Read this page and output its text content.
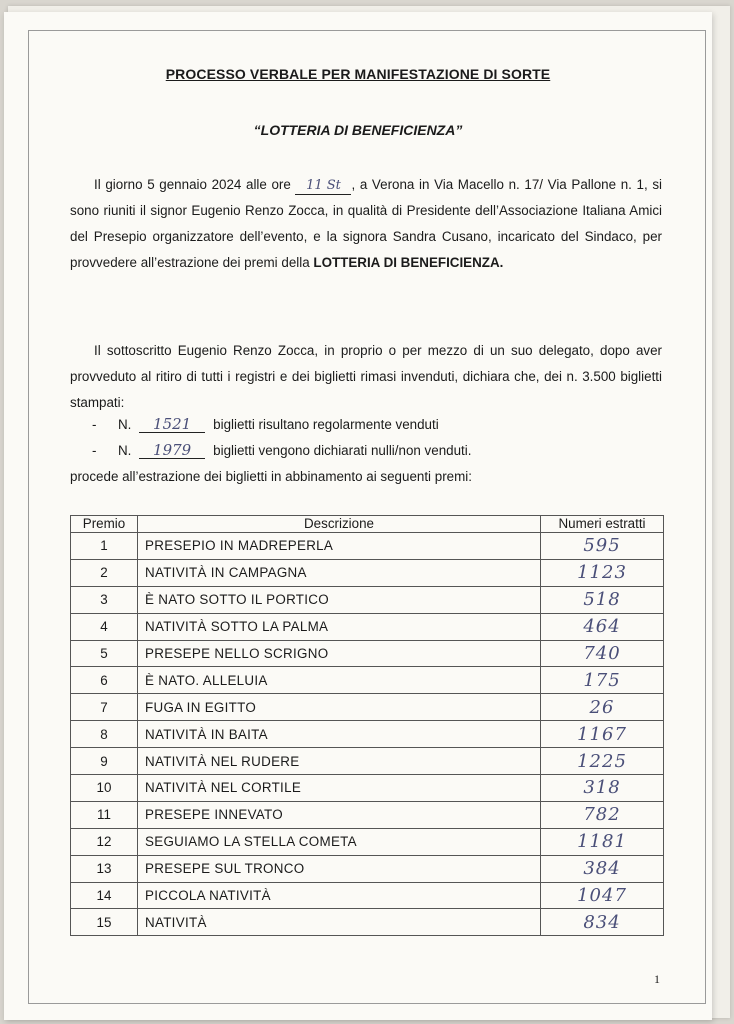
PROCESSO VERBALE PER MANIFESTAZIONE DI SORTE
“LOTTERIA DI BENEFICIENZA”
Il giorno 5 gennaio 2024 alle ore 11 St , a Verona in Via Macello n. 17/ Via Pallone n. 1, si sono riuniti il signor Eugenio Renzo Zocca, in qualità di Presidente dell’Associazione Italiana Amici del Presepio organizzatore dell’evento, e la signora Sandra Cusano, incaricato del Sindaco, per provvedere all’estrazione dei premi della LOTTERIA DI BENEFICIENZA.
Il sottoscritto Eugenio Renzo Zocca, in proprio o per mezzo di un suo delegato, dopo aver provveduto al ritiro di tutti i registri e dei biglietti rimasi invenduti, dichiara che, dei n. 3.500 biglietti stampati:
- N. 1521 biglietti risultano regolarmente venduti
- N. 1979 biglietti vengono dichiarati nulli/non venduti.
procede all’estrazione dei biglietti in abbinamento ai seguenti premi:
Premio	Descrizione	Numeri estratti
1	PRESEPIO IN MADREPERLA	595
2	NATIVITÀ IN CAMPAGNA	1123
3	È NATO SOTTO IL PORTICO	518
4	NATIVITÀ SOTTO LA PALMA	464
5	PRESEPE NELLO SCRIGNO	740
6	È NATO. ALLELUIA	175
7	FUGA IN EGITTO	26
8	NATIVITÀ IN BAITA	1167
9	NATIVITÀ NEL RUDERE	1225
10	NATIVITÀ NEL CORTILE	318
11	PRESEPE INNEVATO	782
12	SEGUIAMO LA STELLA COMETA	1181
13	PRESEPE SUL TRONCO	384
14	PICCOLA NATIVITÀ	1047
15	NATIVITÀ	834
1
